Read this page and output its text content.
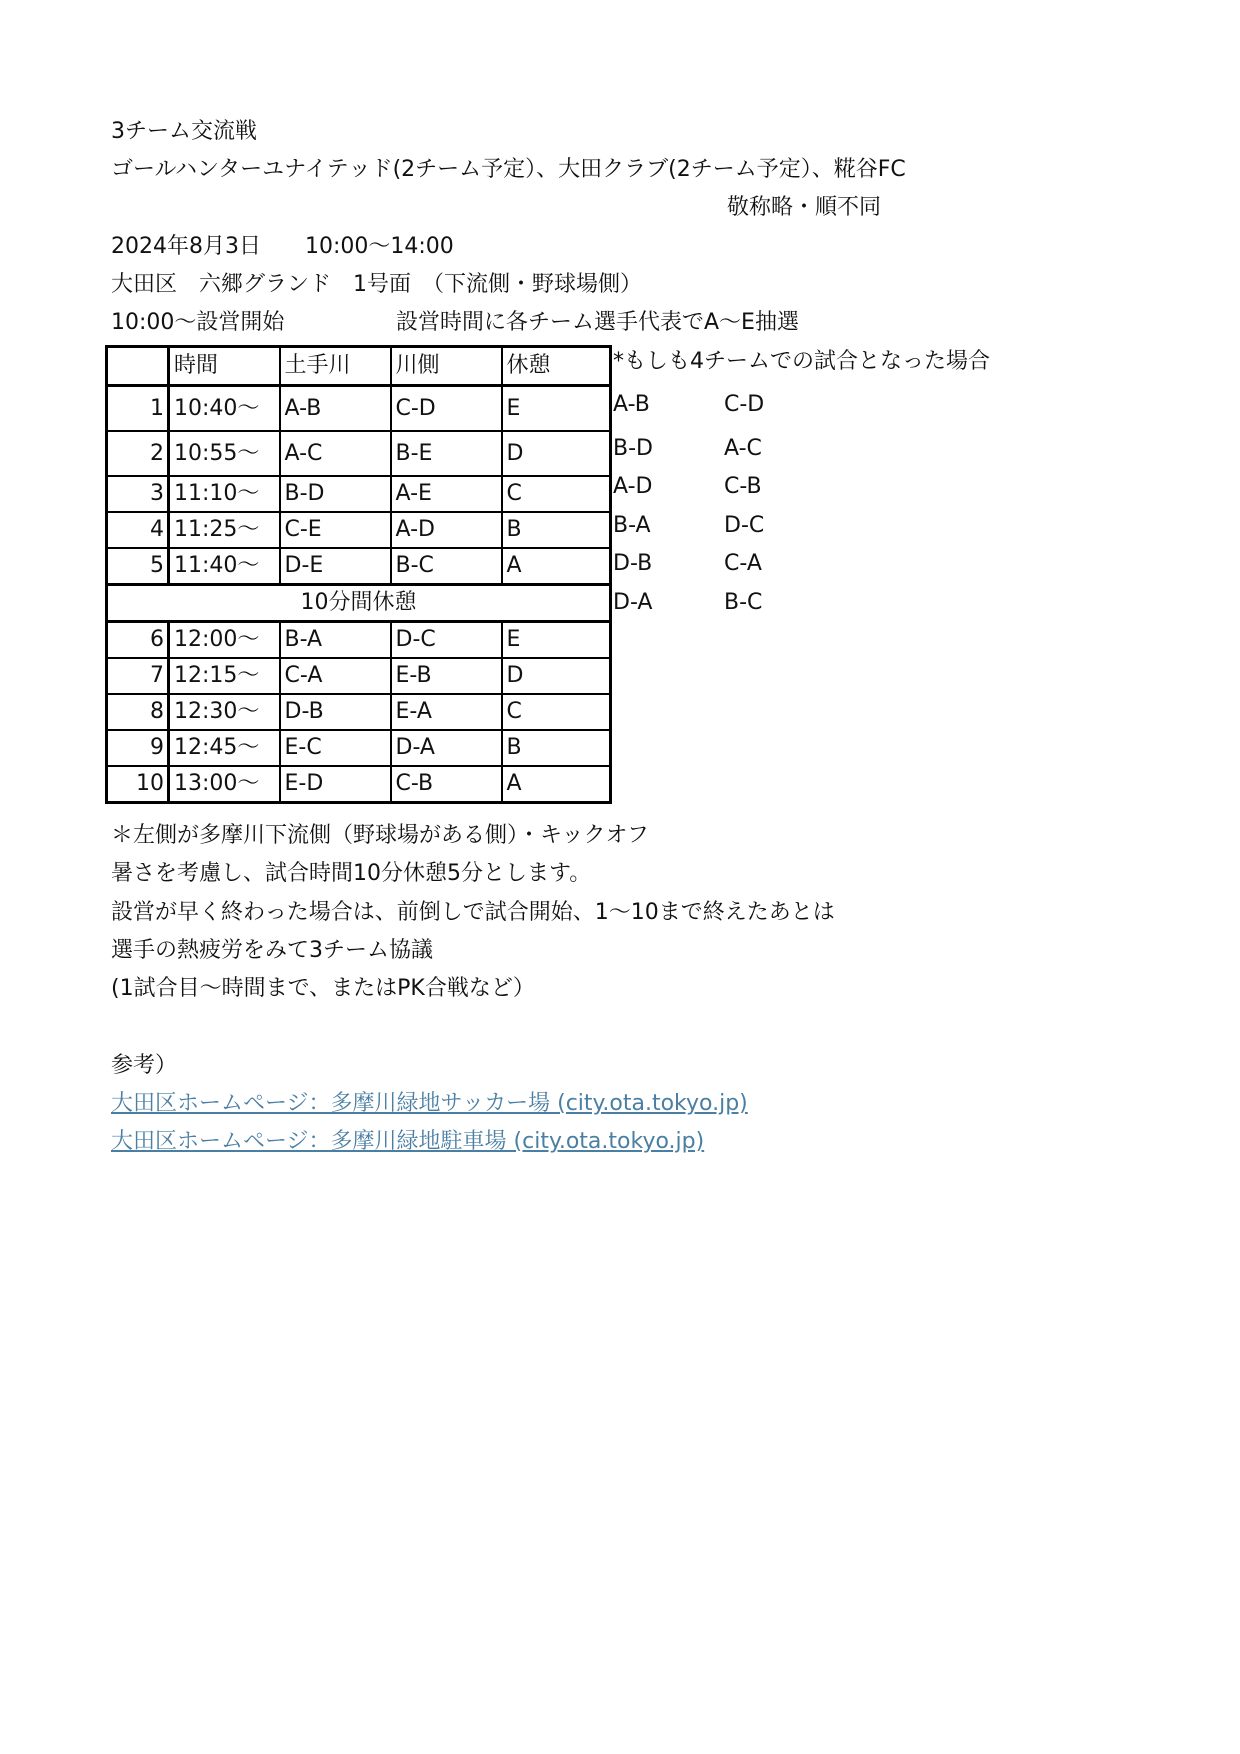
3チーム交流戦
ゴールハンターユナイテッド(2チーム予定）、大田クラブ(2チーム予定）、糀谷FC
敬称略・順不同
2024年8月3日　　10:00〜14:00
大田区　六郷グランド　1号面　（下流側・野球場側）
10:00〜設営開始	設営時間に各チーム選手代表でA〜E抽選
	時間	土手川	川側	休憩
1	10:40〜	A-B	C-D	E
2	10:55〜	A-C	B-E	D
3	11:10〜	B-D	A-E	C
4	11:25〜	C-E	A-D	B
5	11:40〜	D-E	B-C	A
10分間休憩				
6	12:00〜	B-A	D-C	E
7	12:15〜	C-A	E-B	D
8	12:30〜	D-B	E-A	C
9	12:45〜	E-C	D-A	B
10	13:00〜	E-D	C-B	A
*もしも4チームでの試合となった場合
A-B	C-D
B-D	A-C
A-D	C-B
B-A	D-C
D-B	C-A
D-A	B-C
＊左側が多摩川下流側（野球場がある側）・キックオフ
暑さを考慮し、試合時間10分休憩5分とします。
設営が早く終わった場合は、前倒しで試合開始、1〜10まで終えたあとは
選手の熱疲労をみて3チーム協議
(1試合目〜時間まで、またはPK合戦など）
参考）
大田区ホームページ：多摩川緑地サッカー場 (city.ota.tokyo.jp)
大田区ホームページ：多摩川緑地駐車場 (city.ota.tokyo.jp)
